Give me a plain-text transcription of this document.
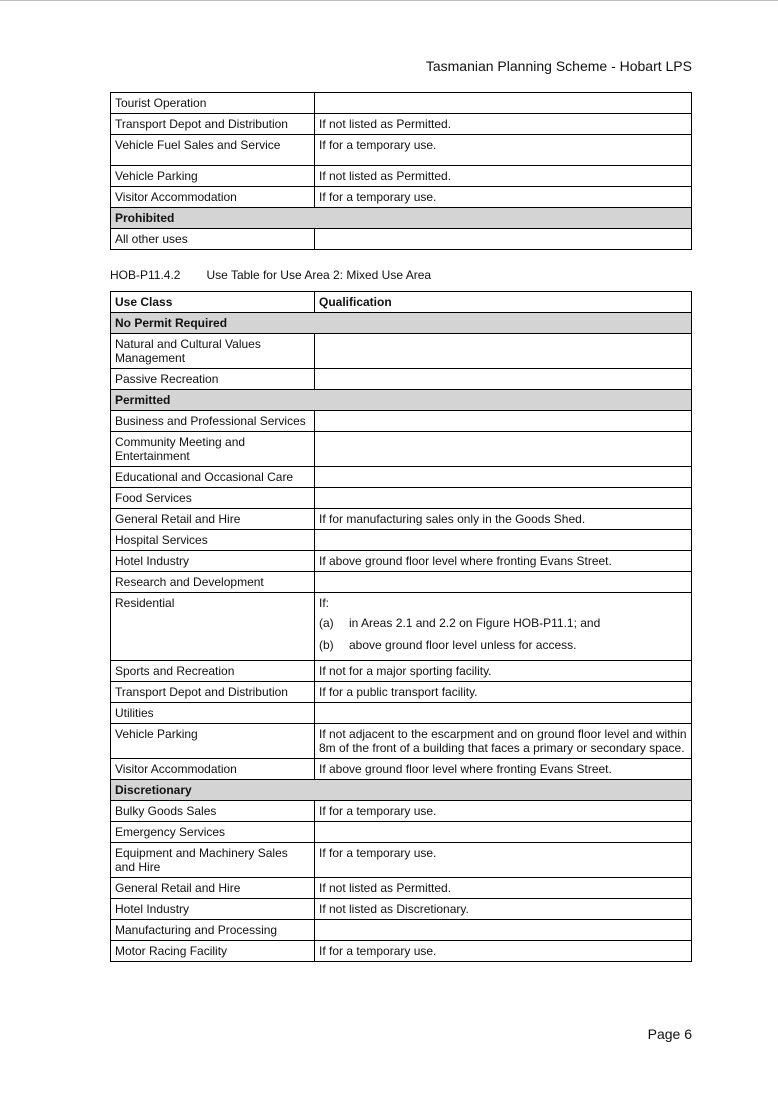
Tasmanian Planning Scheme - Hobart LPS
Tourist Operation	

Transport Depot and Distribution	If not listed as Permitted.

Vehicle Fuel Sales and Service	If for a temporary use.

Vehicle Parking	If not listed as Permitted.

Visitor Accommodation	If for a temporary use.

Prohibited	
All other uses	
HOB-P11.4.2 Use Table for Use Area 2: Mixed Use Area
Use Class	Qualification
No Permit Required	
Natural and Cultural Values Management	

Passive Recreation	

Permitted	
Business and Professional Services	

Community Meeting and Entertainment	

Educational and Occasional Care	

Food Services	

General Retail and Hire	If for manufacturing sales only in the Goods Shed.

Hospital Services	

Hotel Industry	If above ground floor level where fronting Evans Street.

Research and Development	

Residential	If:
(a) in Areas 2.1 and 2.2 on Figure HOB-P11.1; and
(b) above ground floor level unless for access.

Sports and Recreation	If not for a major sporting facility.

Transport Depot and Distribution	If for a public transport facility.

Utilities	

Vehicle Parking	If not adjacent to the escarpment and on ground floor level and within 8m of the front of a building that faces a primary or secondary space.

Visitor Accommodation	If above ground floor level where fronting Evans Street.

Discretionary	
Bulky Goods Sales	If for a temporary use.

Emergency Services	

Equipment and Machinery Sales and Hire	If for a temporary use.

General Retail and Hire	If not listed as Permitted.

Hotel Industry	If not listed as Discretionary.

Manufacturing and Processing	

Motor Racing Facility	If for a temporary use.
Page 6
